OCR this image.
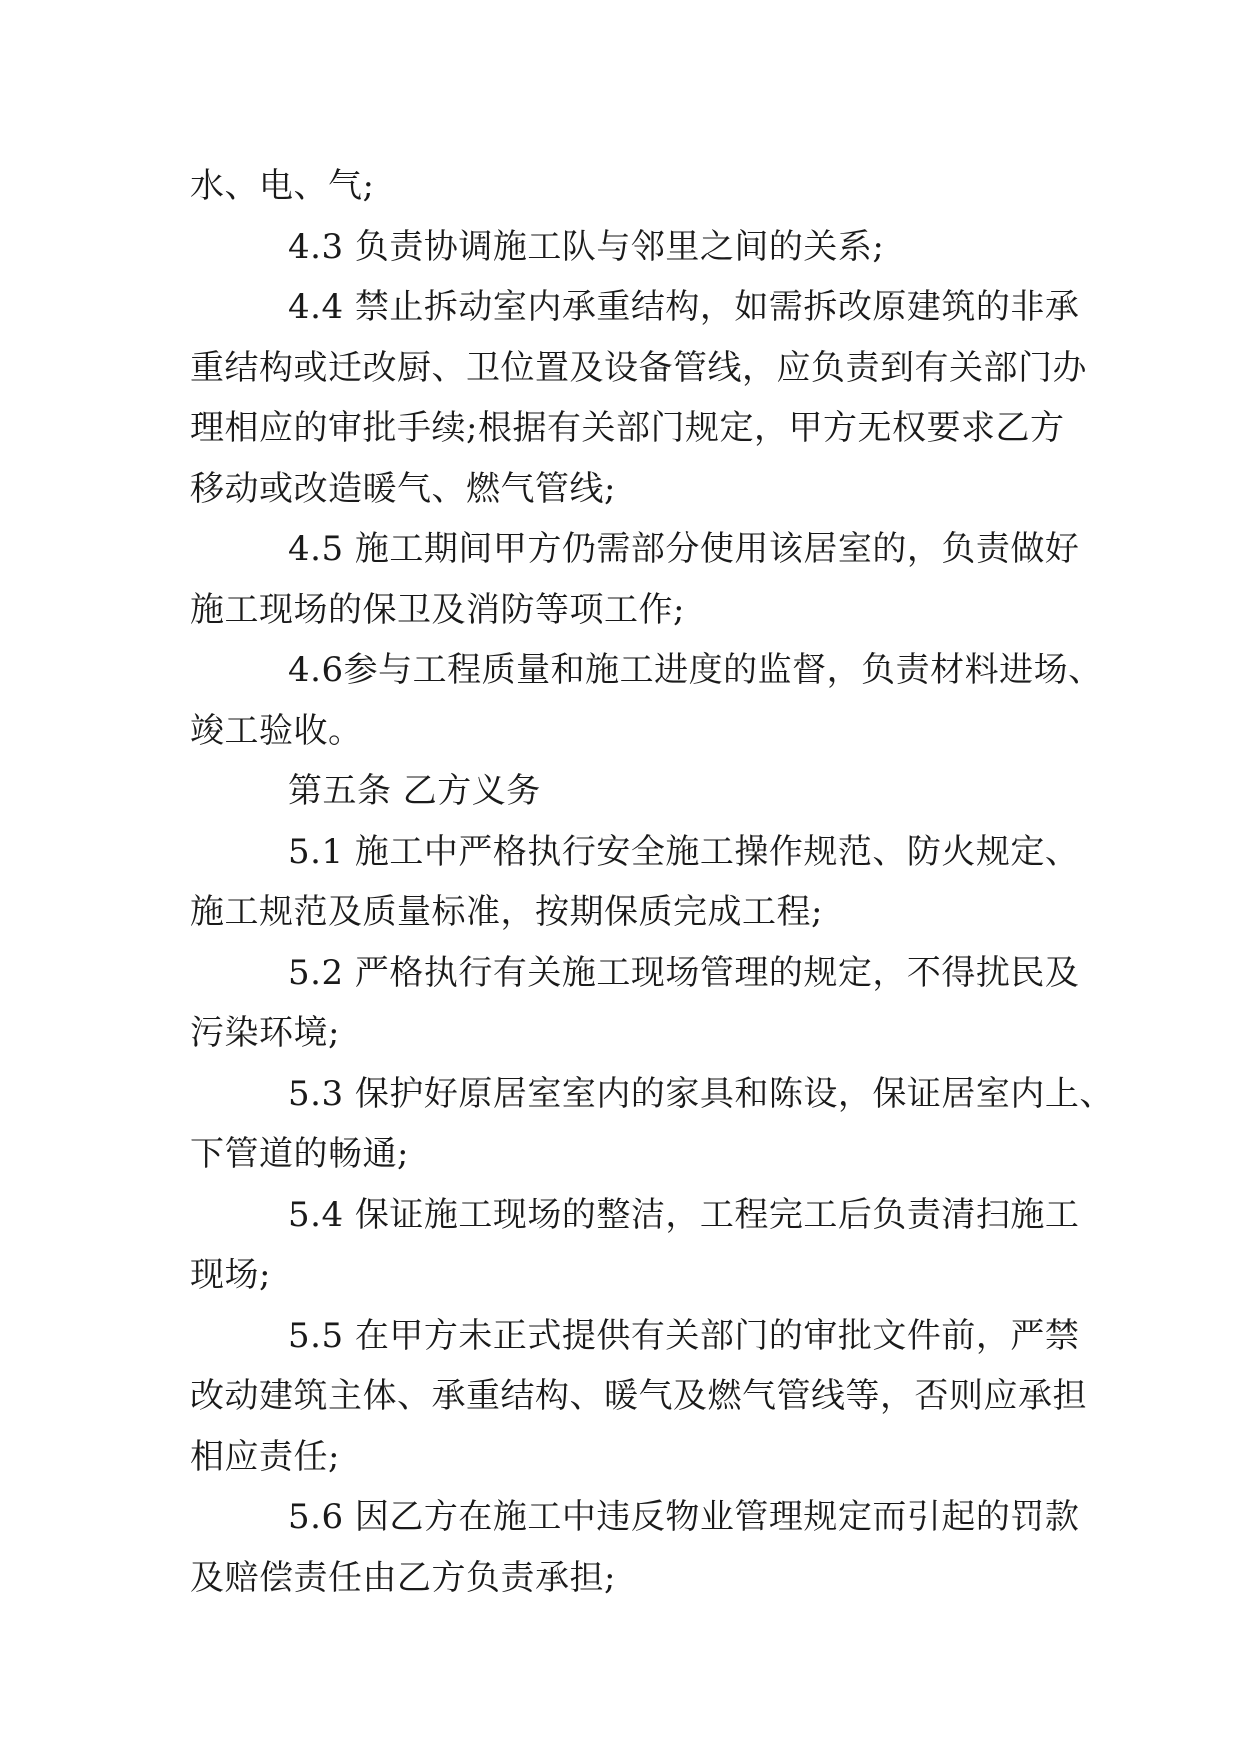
水、电、气;
4.3 负责协调施工队与邻里之间的关系;
4.4 禁止拆动室内承重结构，如需拆改原建筑的非承
重结构或迁改厨、卫位置及设备管线，应负责到有关部门办
理相应的审批手续;根据有关部门规定，甲方无权要求乙方
移动或改造暖气、燃气管线;
4.5 施工期间甲方仍需部分使用该居室的，负责做好
施工现场的保卫及消防等项工作;
4.6参与工程质量和施工进度的监督，负责材料进场、
竣工验收。
第五条 乙方义务
5.1 施工中严格执行安全施工操作规范、防火规定、
施工规范及质量标准，按期保质完成工程;
5.2 严格执行有关施工现场管理的规定，不得扰民及
污染环境;
5.3 保护好原居室室内的家具和陈设，保证居室内上、
下管道的畅通;
5.4 保证施工现场的整洁，工程完工后负责清扫施工
现场;
5.5 在甲方未正式提供有关部门的审批文件前，严禁
改动建筑主体、承重结构、暖气及燃气管线等，否则应承担
相应责任;
5.6 因乙方在施工中违反物业管理规定而引起的罚款
及赔偿责任由乙方负责承担;
